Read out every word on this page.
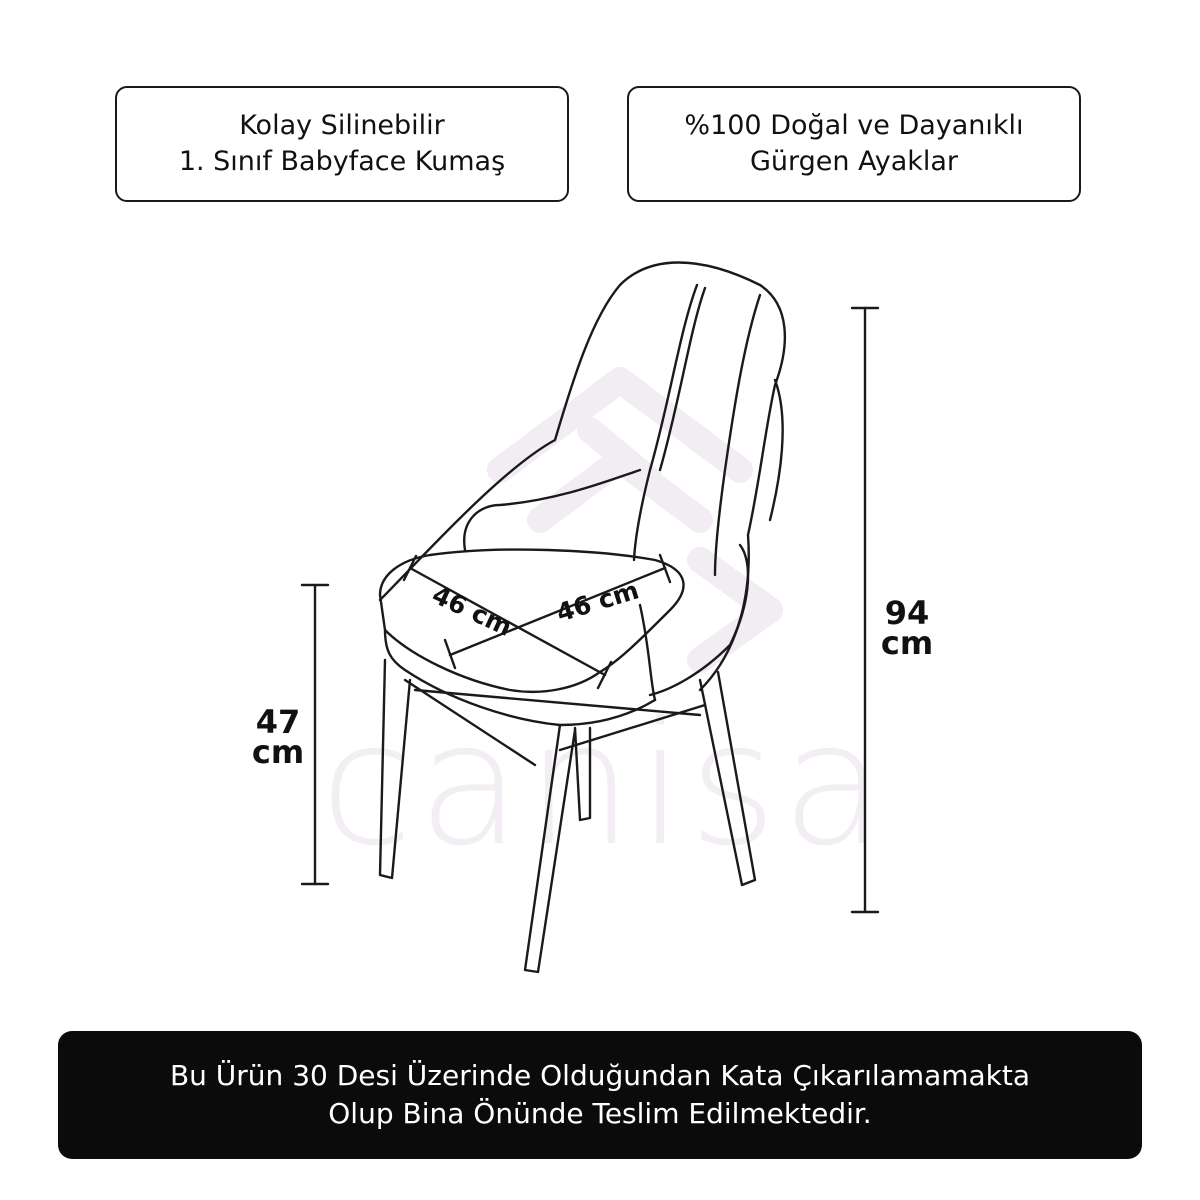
Kolay Silinebilir
1. Sınıf Babyface Kumaş
%100 Doğal ve Dayanıklı
Gürgen Ayaklar
canisa
94
cm
47
cm
46 cm 46 cm
Bu Ürün 30 Desi Üzerinde Olduğundan Kata Çıkarılamamakta
Olup Bina Önünde Teslim Edilmektedir.
